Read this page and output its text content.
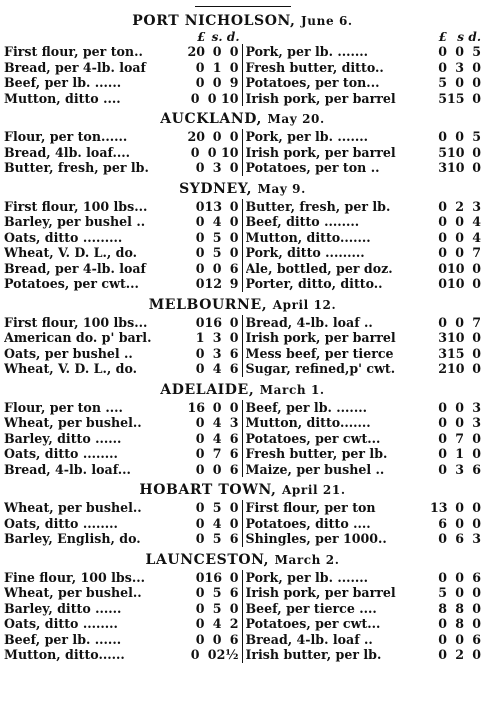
PORT NICHOLSON, June 6.
£ s. d.	£ s d.
First flour, per ton..	20 0 0
Bread, per 4-lb. loaf	0 1 0
Beef, per lb. ......	0 0 9
Mutton, ditto ....	0 0 10
Pork, per lb. .......	0 0 5
Fresh butter, ditto..	0 3 0
Potatoes, per ton...	5 0 0
Irish pork, per barrel	5 15 0
AUCKLAND, May 20.
Flour, per ton......	20 0 0
Bread, 4lb. loaf....	0 0 10
Butter, fresh, per lb.	0 3 0
Pork, per lb. .......	0 0 5
Irish pork, per barrel	5 10 0
Potatoes, per ton ..	3 10 0
SYDNEY, May 9.
First flour, 100 lbs...	0 13 0
Barley, per bushel ..	0 4 0
Oats, ditto .........	0 5 0
Wheat, V. D. L., do.	0 5 0
Bread, per 4-lb. loaf	0 0 6
Potatoes, per cwt...	0 12 9
Butter, fresh, per lb.	0 2 3
Beef, ditto ........	0 0 4
Mutton, ditto.......	0 0 4
Pork, ditto .........	0 0 7
Ale, bottled, per doz.	0 10 0
Porter, ditto, ditto..	0 10 0
MELBOURNE, April 12.
First flour, 100 lbs...	0 16 0
American do. p' barl.	1 3 0
Oats, per bushel ..	0 3 6
Wheat, V. D. L., do.	0 4 6
Bread, 4-lb. loaf ..	0 0 7
Irish pork, per barrel	3 10 0
Mess beef, per tierce	3 15 0
Sugar, refined,p' cwt.	2 10 0
ADELAIDE, March 1.
Flour, per ton ....	16 0 0
Wheat, per bushel..	0 4 3
Barley, ditto ......	0 4 6
Oats, ditto ........	0 7 6
Bread, 4-lb. loaf...	0 0 6
Beef, per lb. .......	0 0 3
Mutton, ditto.......	0 0 3
Potatoes, per cwt...	0 7 0
Fresh butter, per lb.	0 1 0
Maize, per bushel ..	0 3 6
HOBART TOWN, April 21.
Wheat, per bushel..	0 5 0
Oats, ditto ........	0 4 0
Barley, English, do.	0 5 6
First flour, per ton	13 0 0
Potatoes, ditto ....	6 0 0
Shingles, per 1000..	0 6 3
LAUNCESTON, March 2.
Fine flour, 100 lbs...	0 16 0
Wheat, per bushel..	0 5 6
Barley, ditto ......	0 5 0
Oats, ditto ........	0 4 2
Beef, per lb. ......	0 0 6
Mutton, ditto......	0 0 2½
Pork, per lb. .......	0 0 6
Irish pork, per barrel	5 0 0
Beef, per tierce ....	8 8 0
Potatoes, per cwt...	0 8 0
Bread, 4-lb. loaf ..	0 0 6
Irish butter, per lb.	0 2 0
